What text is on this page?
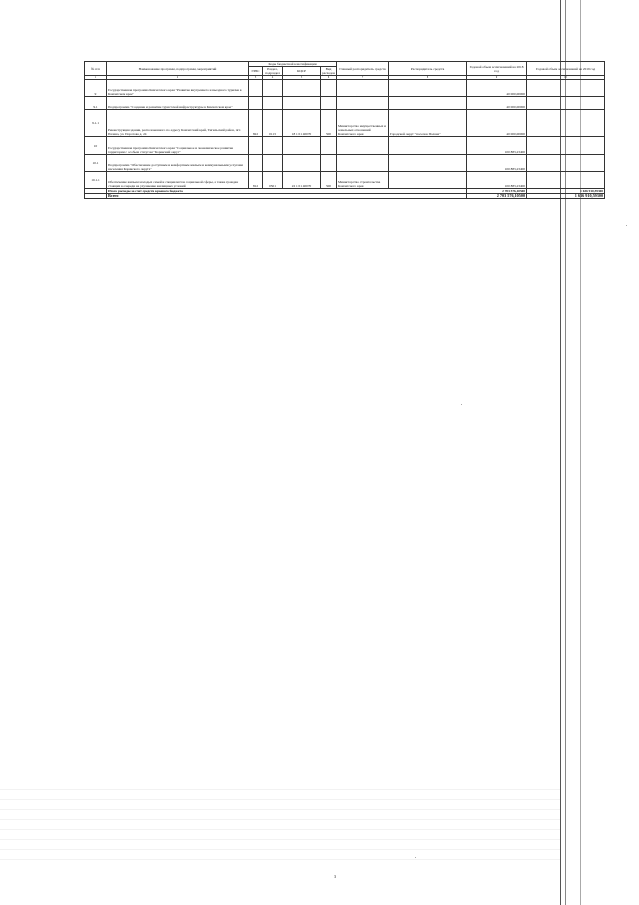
№ п/п	Наименование программ, подпрограмм, мероприятий	Коды бюджетной классификации				Главный распорядитель средств	Распорядитель средств	Годовой объем ассигнований на 2018 год	Годовой объем ассигнований на 2019 год
		ГРБС	Раздел, подраздел	КЦСР	Вид расходов				
1	2	3	4	5	6	7	8	9	10
9	Государственная программа Камчатского края "Развитие внутреннего и въездного туризма в Камчатском крае"							40 000,00000	
9.1	Подпрограмма "Создание и развитие туристской инфраструктуры в Камчатском крае"							40 000,00000	
9.1.1	Реконструкция здания, расположенного по адресу Камчатский край, Тигильский район, пгт. Палана, ул. Поротова д. 24	822	0113	18 1 01 40070	500	Министерство имущественных и земельных отношений Камчатского края	Городской округ "поселок Палана"	40 000,00000	
10	Государственная программа Камчатского края "Социальное и экономическое развитие территории с особым статусом "Корякский округ"							100 883,23400	
10.1	Подпрограмма "Обеспечение доступным и комфортным жильем и коммунальными услугами населения Корякского округа"							100 883,23400	
10.1.1	Обеспечение жильем молодых семей и специалистов социальной сферы, а также граждан стоящих в очереди на улучшение жилищных условий	812	0501	22 1 01 40070	500	Министерство строительства Камчатского края		100 883,23400	
	Итого расходы за счет средств краевого бюджета							2 703 576,10500	1 636 910,59300
	Всего							2 703 576,10500	1 636 910,59300
3
